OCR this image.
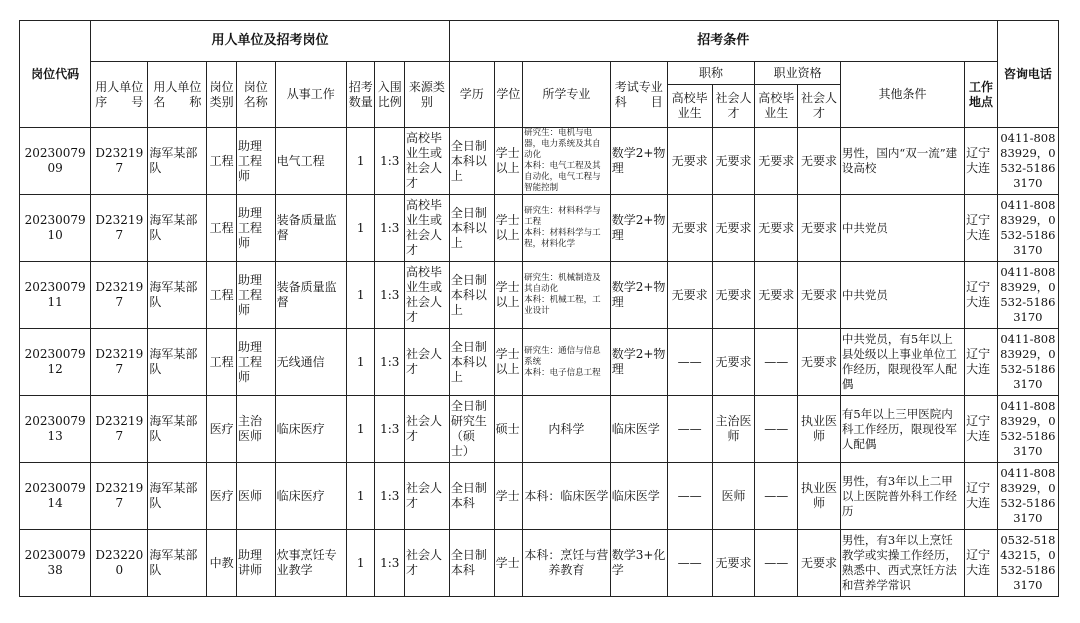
岗位代码	用人单位及招考岗位								招考条件										咨询电话
	用人单位序　　号	用人单位名　　称	岗位类别	岗位名称	从事工作	招考数量	入围比例	来源类别	学历	学位	所学专业	考试专业科　　目	职称		职业资格		其他条件	工作地点	
													高校毕业生	社会人才	高校毕业生	社会人才			
2023007909	D232197	海军某部队	工程	助理工程师	电气工程	1	1:3	高校毕业生或社会人才	全日制本科以上	学士以上	研究生：电机与电器，电力系统及其自动化
本科：电气工程及其自动化，电气工程与智能控制	数学2+物理	无要求	无要求	无要求	无要求	男性，国内“双一流”建设高校	辽宁大连	0411-80883929，0532-51863170
2023007910	D232197	海军某部队	工程	助理工程师	装备质量监督	1	1:3	高校毕业生或社会人才	全日制本科以上	学士以上	研究生：材料科学与工程
本科：材料科学与工程，材料化学	数学2+物理	无要求	无要求	无要求	无要求	中共党员	辽宁大连	0411-80883929，0532-51863170
2023007911	D232197	海军某部队	工程	助理工程师	装备质量监督	1	1:3	高校毕业生或社会人才	全日制本科以上	学士以上	研究生：机械制造及其自动化
本科：机械工程，工业设计	数学2+物理	无要求	无要求	无要求	无要求	中共党员	辽宁大连	0411-80883929，0532-51863170
2023007912	D232197	海军某部队	工程	助理工程师	无线通信	1	1:3	社会人才	全日制本科以上	学士以上	研究生：通信与信息系统
本科：电子信息工程	数学2+物理	——	无要求	——	无要求	中共党员，有5年以上县处级以上事业单位工作经历，限现役军人配偶	辽宁大连	0411-80883929，0532-51863170
2023007913	D232197	海军某部队	医疗	主治医师	临床医疗	1	1:3	社会人才	全日制研究生（硕士）	硕士	内科学	临床医学	——	主治医师	——	执业医师	有5年以上三甲医院内科工作经历，限现役军人配偶	辽宁大连	0411-80883929，0532-51863170
2023007914	D232197	海军某部队	医疗	医师	临床医疗	1	1:3	社会人才	全日制本科	学士	本科：临床医学	临床医学	——	医师	——	执业医师	男性，有3年以上二甲以上医院普外科工作经历	辽宁大连	0411-80883929，0532-51863170
2023007938	D232200	海军某部队	中教	助理讲师	炊事烹饪专业教学	1	1:3	社会人才	全日制本科	学士	本科：烹饪与营养教育	数学3+化学	——	无要求	——	无要求	男性，有3年以上烹饪教学或实操工作经历，熟悉中、西式烹饪方法和营养学常识	辽宁大连	0532-51843215，0532-51863170
